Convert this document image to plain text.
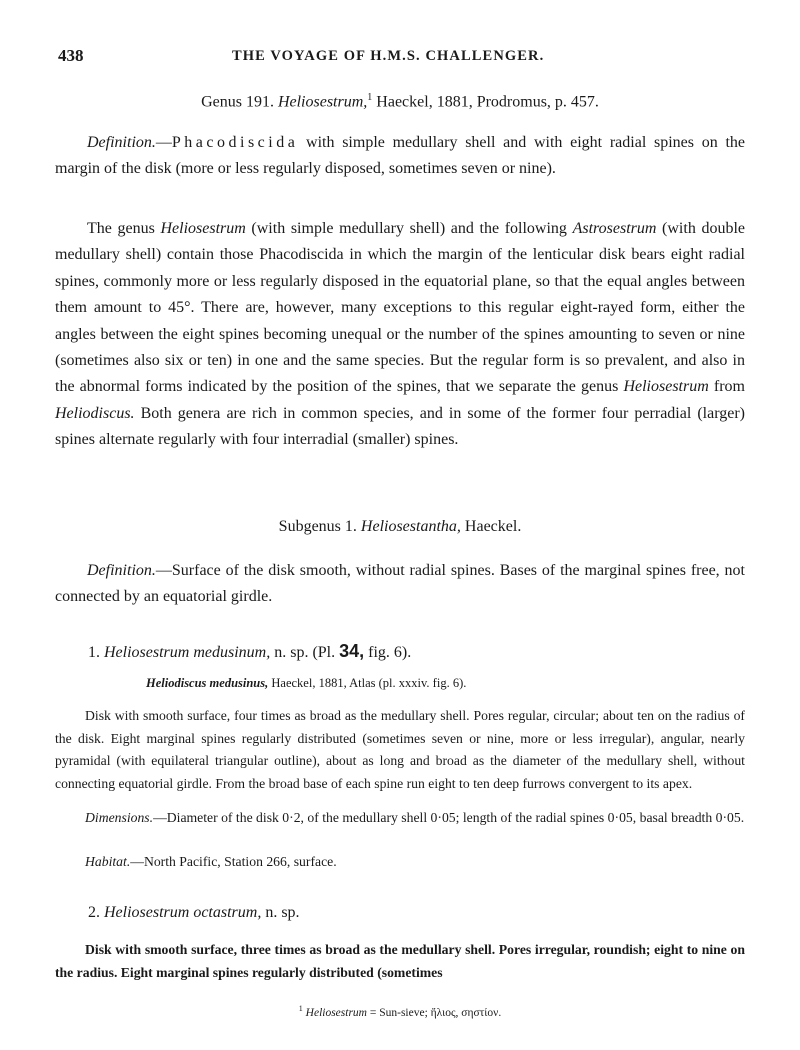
438	THE VOYAGE OF H.M.S. CHALLENGER.
Genus 191. Heliosestrum,$^1$ Haeckel, 1881, Prodromus, p. 457.
Definition.—Phacodiscida with simple medullary shell and with eight radial spines on the margin of the disk (more or less regularly disposed, sometimes seven or nine).
The genus Heliosestrum (with simple medullary shell) and the following Astrosestrum (with double medullary shell) contain those Phacodiscida in which the margin of the lenticular disk bears eight radial spines, commonly more or less regularly disposed in the equatorial plane, so that the equal angles between them amount to 45°. There are, however, many exceptions to this regular eight-rayed form, either the angles between the eight spines becoming unequal or the number of the spines amounting to seven or nine (sometimes also six or ten) in one and the same species. But the regular form is so prevalent, and also in the abnormal forms indicated by the position of the spines, that we separate the genus Heliosestrum from Heliodiscus. Both genera are rich in common species, and in some of the former four perradial (larger) spines alternate regularly with four interradial (smaller) spines.
Subgenus 1. Heliosestantha, Haeckel.
Definition.—Surface of the disk smooth, without radial spines. Bases of the marginal spines free, not connected by an equatorial girdle.
1. Heliosestrum medusinum, n. sp. (Pl. 34, fig. 6).
Heliodiscus medusinus, Haeckel, 1881, Atlas (pl. xxxiv. fig. 6).
Disk with smooth surface, four times as broad as the medullary shell. Pores regular, circular; about ten on the radius of the disk. Eight marginal spines regularly distributed (sometimes seven or nine, more or less irregular), angular, nearly pyramidal (with equilateral triangular outline), about as long and broad as the diameter of the medullary shell, without connecting equatorial girdle. From the broad base of each spine run eight to ten deep furrows convergent to its apex.
Dimensions.—Diameter of the disk 0·2, of the medullary shell 0·05; length of the radial spines 0·05, basal breadth 0·05.
Habitat.—North Pacific, Station 266, surface.
2. Heliosestrum octastrum, n. sp.
Disk with smooth surface, three times as broad as the medullary shell. Pores irregular, roundish; eight to nine on the radius. Eight marginal spines regularly distributed (sometimes
$^1$ Heliosestrum = Sun-sieve; ἥλιος, σηστίον.
